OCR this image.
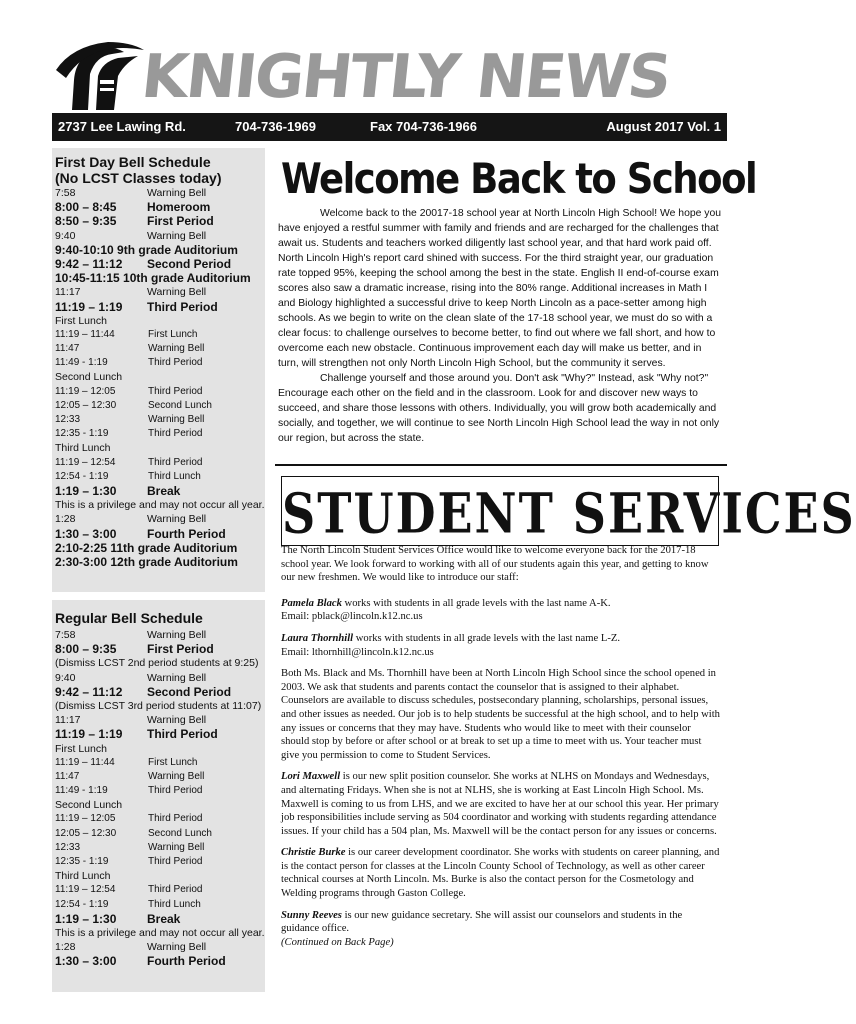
KNIGHTLY NEWS
2737 Lee Lawing Rd.	704-736-1969	Fax 704-736-1966	August 2017 Vol. 1
First Day Bell Schedule
(No LCST Classes today)
7:58	Warning Bell
8:00 – 8:45	Homeroom
8:50 – 9:35	First Period
9:40	Warning Bell
9:40-10:10 9th grade Auditorium
9:42 – 11:12 Second Period
10:45-11:15 10th grade Auditorium
11:17	Warning Bell
11:19 – 1:19 Third Period
First Lunch
11:19 – 11:44	First Lunch
11:47	Warning Bell
11:49 - 1:19	Third Period
Second Lunch
11:19 – 12:05	Third Period
12:05 – 12:30	Second Lunch
12:33	Warning Bell
12:35 - 1:19	Third Period
Third Lunch
11:19 – 12:54	Third Period
12:54 - 1:19	Third Lunch
1:19 – 1:30	Break
This is a privilege and may not occur all year.
1:28	Warning Bell
1:30 – 3:00	Fourth Period
2:10-2:25 11th grade Auditorium
2:30-3:00 12th grade Auditorium
Regular Bell Schedule
7:58	Warning Bell
8:00 – 9:35	First Period
(Dismiss LCST 2nd period students at 9:25)
9:40	Warning Bell
9:42 – 11:12 Second Period
(Dismiss LCST 3rd period students at 11:07)
11:17	Warning Bell
11:19 – 1:19 Third Period
First Lunch
11:19 – 11:44	First Lunch
11:47	Warning Bell
11:49 - 1:19	Third Period
Second Lunch
11:19 – 12:05	Third Period
12:05 – 12:30	Second Lunch
12:33	Warning Bell
12:35 - 1:19	Third Period
Third Lunch
11:19 – 12:54	Third Period
12:54 - 1:19	Third Lunch
1:19 – 1:30	Break
This is a privilege and may not occur all year.
1:28	Warning Bell
1:30 – 3:00	Fourth Period
Welcome Back to School

Welcome back to the 20017-18 school year at North Lincoln High School! We hope you have enjoyed a restful summer with family and friends and are recharged for the challenges that await us. Students and teachers worked diligently last school year, and that hard work paid off. North Lincoln High's report card shined with success. For the third straight year, our graduation rate topped 95%, keeping the school among the best in the state. English II end-of-course exam scores also saw a dramatic increase, rising into the 80% range. Additional increases in Math I and Biology highlighted a successful drive to keep North Lincoln as a pace-setter among high schools. As we begin to write on the clean slate of the 17-18 school year, we must do so with a clear focus: to challenge ourselves to become better, to find out where we fall short, and how to overcome each new obstacle. Continuous improvement each day will make us better, and in turn, will strengthen not only North Lincoln High School, but the community it serves.

Challenge yourself and those around you. Don't ask "Why?" Instead, ask "Why not?" Encourage each other on the field and in the classroom. Look for and discover new ways to succeed, and share those lessons with others. Individually, you will grow both academically and socially, and together, we will continue to see North Lincoln High School lead the way in not only our region, but across the state.

STUDENT SERVICES

The North Lincoln Student Services Office would like to welcome everyone back for the 2017-18 school year. We look forward to working with all of our students again this year, and getting to know our new freshmen. We would like to introduce our staff:

Pamela Black works with students in all grade levels with the last name A-K.
Email: pblack@lincoln.k12.nc.us

Laura Thornhill works with students in all grade levels with the last name L-Z.
Email: lthornhill@lincoln.k12.nc.us

Both Ms. Black and Ms. Thornhill have been at North Lincoln High School since the school opened in 2003. We ask that students and parents contact the counselor that is assigned to their alphabet. Counselors are available to discuss schedules, postsecondary planning, scholarships, personal issues, and other issues as needed. Our job is to help students be successful at the high school, and to help with any issues or concerns that they may have. Students who would like to meet with their counselor should stop by before or after school or at break to set up a time to meet with us. Your teacher must give you permission to come to Student Services.

Lori Maxwell is our new split position counselor. She works at NLHS on Mondays and Wednesdays, and alternating Fridays. When she is not at NLHS, she is working at East Lincoln High School. Ms. Maxwell is coming to us from LHS, and we are excited to have her at our school this year. Her primary job responsibilities include serving as 504 coordinator and working with students regarding attendance issues. If your child has a 504 plan, Ms. Maxwell will be the contact person for any issues or concerns.

Christie Burke is our career development coordinator. She works with students on career planning, and is the contact person for classes at the Lincoln County School of Technology, as well as other career technical courses at North Lincoln. Ms. Burke is also the contact person for the Cosmetology and Welding programs through Gaston College.

Sunny Reeves is our new guidance secretary. She will assist our counselors and students in the guidance office.
(Continued on Back Page)
